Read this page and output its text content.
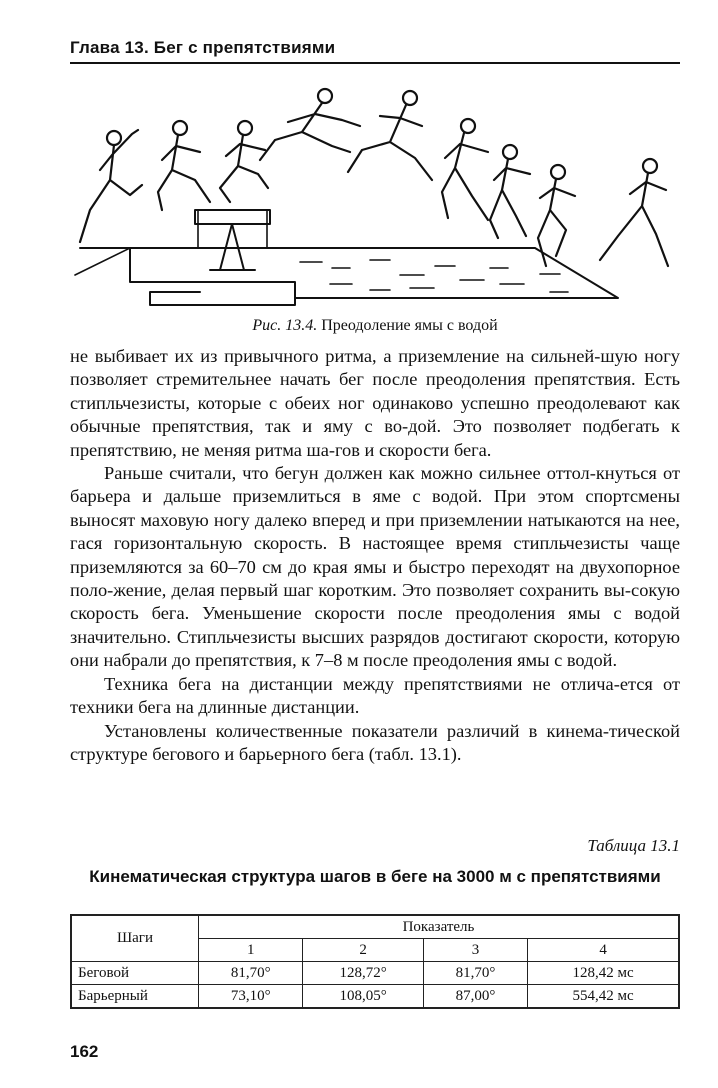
Глава 13. Бег с препятствиями
Рис. 13.4. Преодоление ямы с водой

не выбивает их из привычного ритма, а приземление на сильней-шую ногу позволяет стремительнее начать бег после преодоления препятствия. Есть стипльчезисты, которые с обеих ног одинаково успешно преодолевают как обычные препятствия, так и яму с во-дой. Это позволяет подбегать к препятствию, не меняя ритма ша-гов и скорости бега.

Раньше считали, что бегун должен как можно сильнее оттол-кнуться от барьера и дальше приземлиться в яме с водой. При этом спортсмены выносят маховую ногу далеко вперед и при приземлении натыкаются на нее, гася горизонтальную скорость. В настоящее время стипльчезисты чаще приземляются за 60–70 см до края ямы и быстро переходят на двухопорное поло-жение, делая первый шаг коротким. Это позволяет сохранить вы-сокую скорость бега. Уменьшение скорости после преодоления ямы с водой значительно. Стипльчезисты высших разрядов достигают скорости, которую они набрали до препятствия, к 7–8 м после преодоления ямы с водой.

Техника бега на дистанции между препятствиями не отлича-ется от техники бега на длинные дистанции.

Установлены количественные показатели различий в кинема-тической структуре бегового и барьерного бега (табл. 13.1).

Таблица 13.1
Кинематическая структура шагов в беге на 3000 м с препятствиями
Шаги	Показатель			
	1	2	3	4
Беговой	81,70°	128,72°	81,70°	128,42 мс
Барьерный	73,10°	108,05°	87,00°	554,42 мс
162
